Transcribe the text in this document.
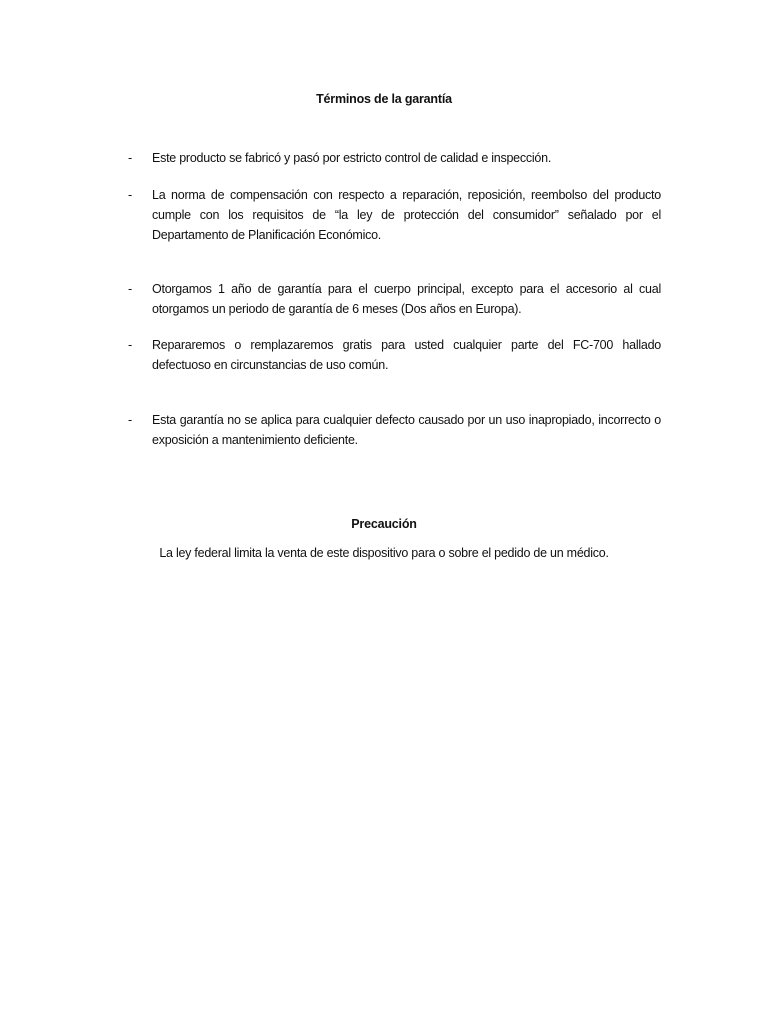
Términos de la garantía
- Este producto se fabricó y pasó por estricto control de calidad e inspección.
- La norma de compensación con respecto a reparación, reposición, reembolso del producto cumple con los requisitos de “la ley de protección del consumidor” señalado por el Departamento de Planificación Económico.
- Otorgamos 1 año de garantía para el cuerpo principal, excepto para el accesorio al cual otorgamos un periodo de garantía de 6 meses (Dos años en Europa).
- Repararemos o remplazaremos gratis para usted cualquier parte del FC-700 hallado defectuoso en circunstancias de uso común.
- Esta garantía no se aplica para cualquier defecto causado por un uso inapropiado, incorrecto o exposición a mantenimiento deficiente.
Precaución
La ley federal limita la venta de este dispositivo para o sobre el pedido de un médico.
